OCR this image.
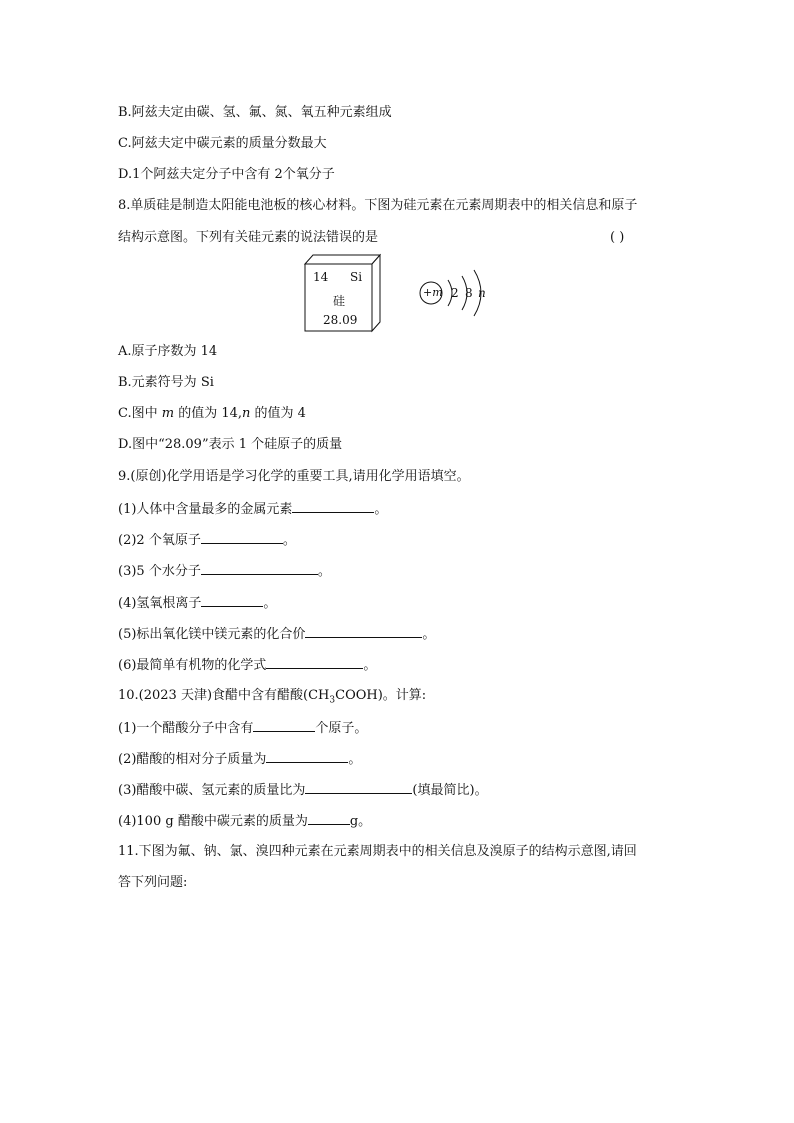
B.阿兹夫定由碳、氢、氟、氮、氧五种元素组成
C.阿兹夫定中碳元素的质量分数最大
D.1个阿兹夫定分子中含有 2个氧分子
8.单质硅是制造太阳能电池板的核心材料。下图为硅元素在元素周期表中的相关信息和原子
结构示意图。下列有关硅元素的说法错误的是	( )
14 Si
硅
28.09
+m 2 8 n
A.原子序数为 14
B.元素符号为 Si
C.图中 m 的值为 14,n 的值为 4
D.图中“28.09”表示 1 个硅原子的质量
9.(原创)化学用语是学习化学的重要工具,请用化学用语填空。
(1)人体中含量最多的金属元素	。
(2)2 个氧原子	。
(3)5 个水分子	。
(4)氢氧根离子	。
(5)标出氧化镁中镁元素的化合价	。
(6)最简单有机物的化学式	。
10.(2023 天津)食醋中含有醋酸$(CH_3COOH)$。计算:
(1)一个醋酸分子中含有	个原子。
(2)醋酸的相对分子质量为	。
(3)醋酸中碳、氢元素的质量比为	(填最简比)。
(4)100 g 醋酸中碳元素的质量为	g。
11.下图为氟、钠、氯、溴四种元素在元素周期表中的相关信息及溴原子的结构示意图,请回
答下列问题:
